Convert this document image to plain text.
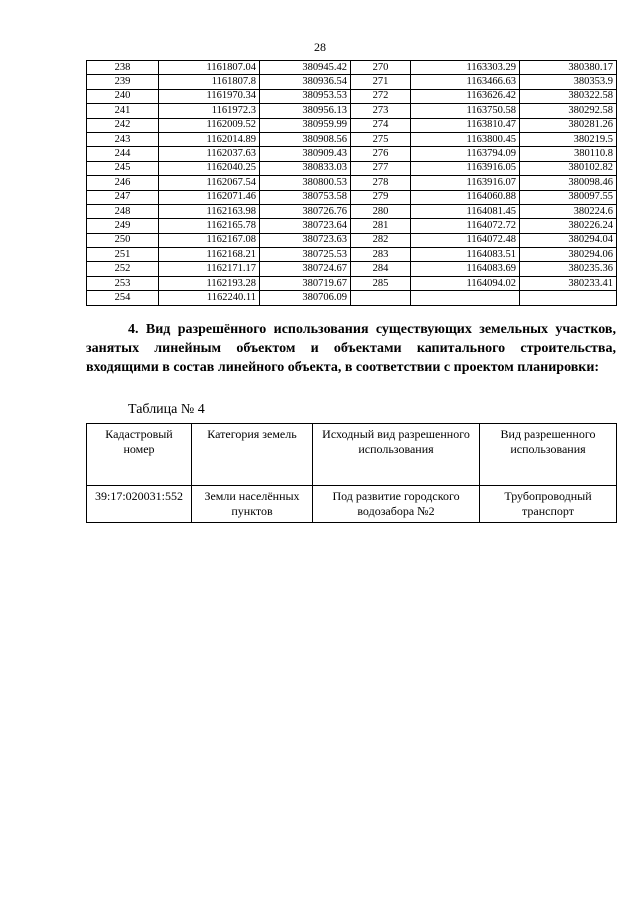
28
238	1161807.04	380945.42	270	1163303.29	380380.17
239	1161807.8	380936.54	271	1163466.63	380353.9
240	1161970.34	380953.53	272	1163626.42	380322.58
241	1161972.3	380956.13	273	1163750.58	380292.58
242	1162009.52	380959.99	274	1163810.47	380281.26
243	1162014.89	380908.56	275	1163800.45	380219.5
244	1162037.63	380909.43	276	1163794.09	380110.8
245	1162040.25	380833.03	277	1163916.05	380102.82
246	1162067.54	380800.53	278	1163916.07	380098.46
247	1162071.46	380753.58	279	1164060.88	380097.55
248	1162163.98	380726.76	280	1164081.45	380224.6
249	1162165.78	380723.64	281	1164072.72	380226.24
250	1162167.08	380723.63	282	1164072.48	380294.04
251	1162168.21	380725.53	283	1164083.51	380294.06
252	1162171.17	380724.67	284	1164083.69	380235.36
253	1162193.28	380719.67	285	1164094.02	380233.41
254	1162240.11	380706.09			
4. Вид разрешённого использования существующих земельных участков, занятых линейным объектом и объектами капитального строительства, входящими в состав линейного объекта, в соответствии с проектом планировки:
Таблица № 4
Кадастровый номер	Категория земель	Исходный вид разрешенного использования	Вид разрешенного использования
39:17:020031:552	Земли населённых пунктов	Под развитие городского водозабора №2	Трубопроводный транспорт
